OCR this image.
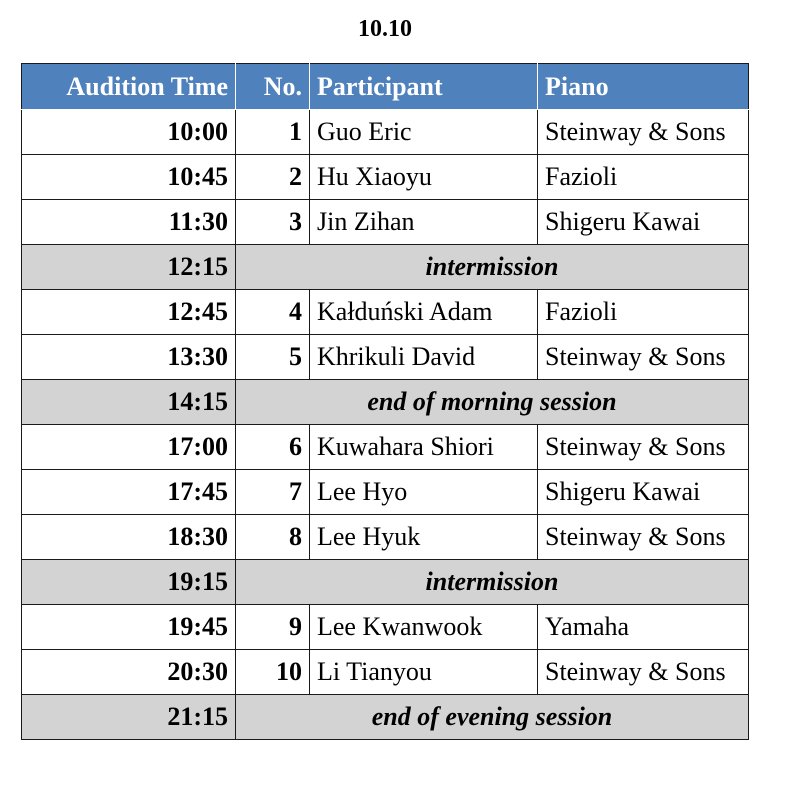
10.10
Audition Time	No.	Participant	Piano
10:00	1	Guo Eric	Steinway & Sons
10:45	2	Hu Xiaoyu	Fazioli
11:30	3	Jin Zihan	Shigeru Kawai
12:15	intermission		
12:45	4	Kałduński Adam	Fazioli
13:30	5	Khrikuli David	Steinway & Sons
14:15	end of morning session		
17:00	6	Kuwahara Shiori	Steinway & Sons
17:45	7	Lee Hyo	Shigeru Kawai
18:30	8	Lee Hyuk	Steinway & Sons
19:15	intermission		
19:45	9	Lee Kwanwook	Yamaha
20:30	10	Li Tianyou	Steinway & Sons
21:15	end of evening session		
